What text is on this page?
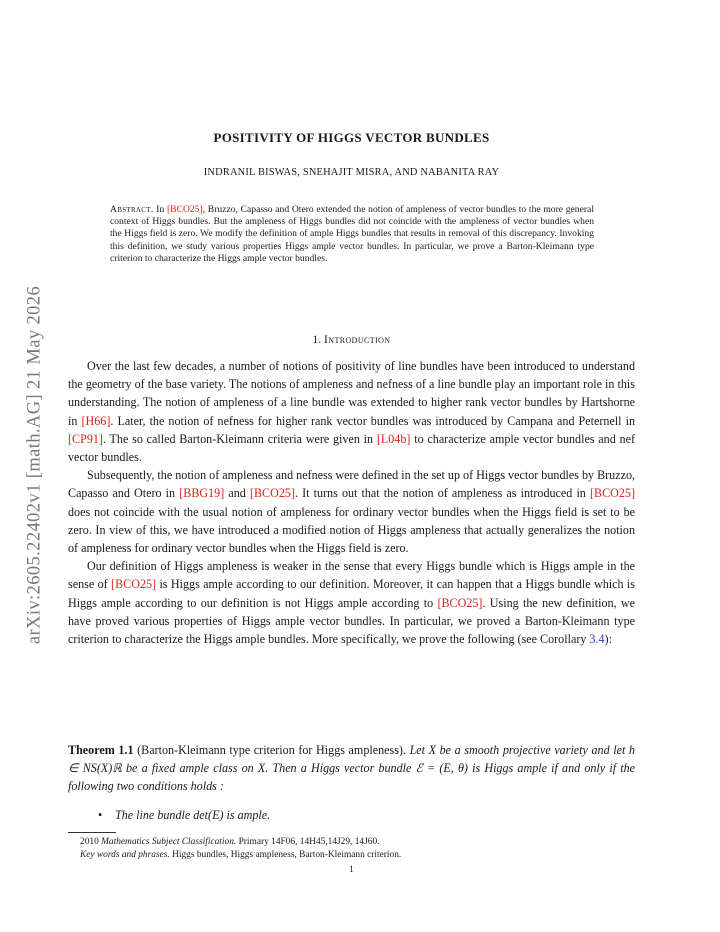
arXiv:2605.22402v1 [math.AG] 21 May 2026
POSITIVITY OF HIGGS VECTOR BUNDLES
INDRANIL BISWAS, SNEHAJIT MISRA, AND NABANITA RAY
Abstract. In [BCO25], Bruzzo, Capasso and Otero extended the notion of ampleness of vector bundles to the more general context of Higgs bundles. But the ampleness of Higgs bundles did not coincide with the ampleness of vector bundles when the Higgs field is zero. We modify the definition of ample Higgs bundles that results in removal of this discrepancy. Invoking this definition, we study various properties Higgs ample vector bundles. In particular, we prove a Barton-Kleimann type criterion to characterize the Higgs ample vector bundles.
1. Introduction

Over the last few decades, a number of notions of positivity of line bundles have been introduced to understand the geometry of the base variety. The notions of ampleness and nefness of a line bundle play an important role in this understanding. The notion of ampleness of a line bundle was extended to higher rank vector bundles by Hartshorne in [H66]. Later, the notion of nefness for higher rank vector bundles was introduced by Campana and Peternell in [CP91]. The so called Barton-Kleimann criteria were given in [L04b] to characterize ample vector bundles and nef vector bundles.

Subsequently, the notion of ampleness and nefness were defined in the set up of Higgs vector bundles by Bruzzo, Capasso and Otero in [BBG19] and [BCO25]. It turns out that the notion of ampleness as introduced in [BCO25] does not coincide with the usual notion of ampleness for ordinary vector bundles when the Higgs field is set to be zero. In view of this, we have introduced a modified notion of Higgs ampleness that actually generalizes the notion of ampleness for ordinary vector bundles when the Higgs field is zero.

Our definition of Higgs ampleness is weaker in the sense that every Higgs bundle which is Higgs ample in the sense of [BCO25] is Higgs ample according to our definition. Moreover, it can happen that a Higgs bundle which is Higgs ample according to our definition is not Higgs ample according to [BCO25]. Using the new definition, we have proved various properties of Higgs ample vector bundles. In particular, we proved a Barton-Kleimann type criterion to characterize the Higgs ample bundles. More specifically, we prove the following (see Corollary 3.4):

Theorem 1.1 (Barton-Kleimann type criterion for Higgs ampleness). Let X be a smooth projective variety and let h ∈ NS(X)ℝ be a fixed ample class on X. Then a Higgs vector bundle ℰ = (E, θ) is Higgs ample if and only if the following two conditions holds :
• The line bundle det(E) is ample.
2010 Mathematics Subject Classification. Primary 14F06, 14H45,14J29, 14J60.
Key words and phrases. Higgs bundles, Higgs ampleness, Barton-Kleimann criterion.
1
